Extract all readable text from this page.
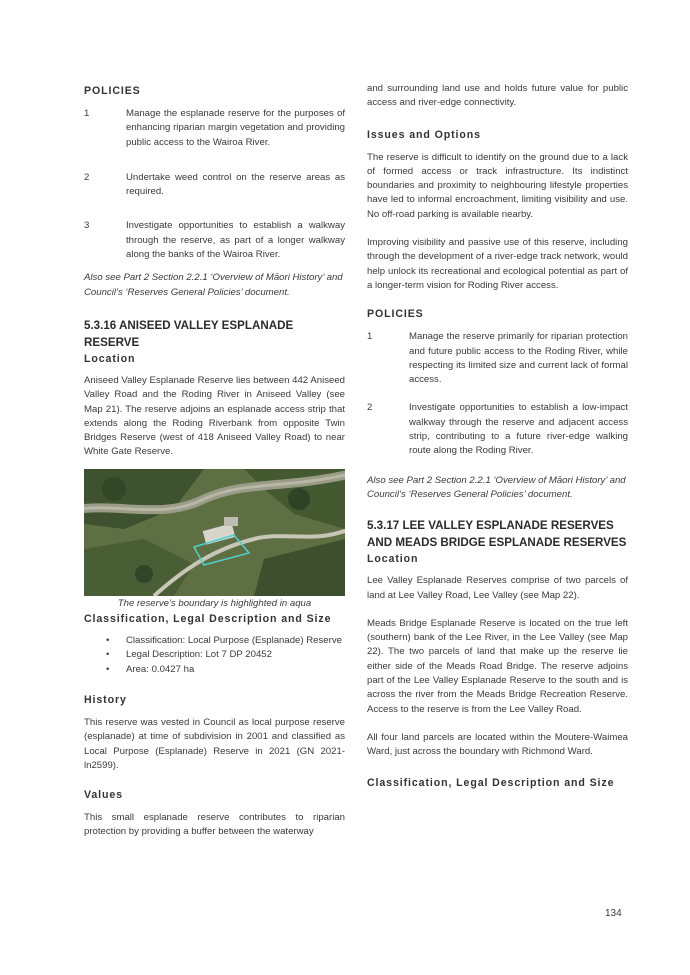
POLICIES
1	Manage the esplanade reserve for the purposes of enhancing riparian margin vegetation and providing public access to the Wairoa River.
2	Undertake weed control on the reserve areas as required.
3	Investigate opportunities to establish a walkway through the reserve, as part of a longer walkway along the banks of the Wairoa River.

Also see Part 2 Section 2.2.1 ‘Overview of Māori History’ and Council’s ‘Reserves General Policies’ document.

5.3.16 ANISEED VALLEY ESPLANADE RESERVE
Location

Aniseed Valley Esplanade Reserve lies between 442 Aniseed Valley Road and the Roding River in Aniseed Valley (see Map 21). The reserve adjoins an esplanade access strip that extends along the Roding Riverbank from opposite Twin Bridges Reserve (west of 418 Aniseed Valley Road) to near White Gate Reserve.

The reserve’s boundary is highlighted in aqua

Classification, Legal Description and Size
• Classification: Local Purpose (Esplanade) Reserve
• Legal Description: Lot 7 DP 20452
• Area: 0.0427 ha
History

This reserve was vested in Council as local purpose reserve (esplanade) at time of subdivision in 2001 and classified as Local Purpose (Esplanade) Reserve in 2021 (GN 2021-ln2599).

Values

This small esplanade reserve contributes to riparian protection by providing a buffer between the waterway

and surrounding land use and holds future value for public access and river-edge connectivity.

Issues and Options

The reserve is difficult to identify on the ground due to a lack of formed access or track infrastructure. Its indistinct boundaries and proximity to neighbouring lifestyle properties have led to informal encroachment, limiting visibility and use. No off-road parking is available nearby.

Improving visibility and passive use of this reserve, including through the development of a river-edge track network, would help unlock its recreational and ecological potential as part of a longer-term vision for Roding River access.

POLICIES
1	Manage the reserve primarily for riparian protection and future public access to the Roding River, while respecting its limited size and current lack of formal access.
2	Investigate opportunities to establish a low-impact walkway through the reserve and adjacent access strip, contributing to a future river-edge walking route along the Roding River.

Also see Part 2 Section 2.2.1 ‘Overview of Māori History’ and Council’s ‘Reserves General Policies’ document.

5.3.17 LEE VALLEY ESPLANADE RESERVES AND MEADS BRIDGE ESPLANADE RESERVES
Location

Lee Valley Esplanade Reserves comprise of two parcels of land at Lee Valley Road, Lee Valley (see Map 22).

Meads Bridge Esplanade Reserve is located on the true left (southern) bank of the Lee River, in the Lee Valley (see Map 22). The two parcels of land that make up the reserve lie either side of the Meads Road Bridge. The reserve adjoins part of the Lee Valley Esplanade Reserve to the south and is across the river from the Meads Bridge Recreation Reserve. Access to the reserve is from the Lee Valley Road.

All four land parcels are located within the Moutere-Waimea Ward, just across the boundary with Richmond Ward.

Classification, Legal Description and Size
134
